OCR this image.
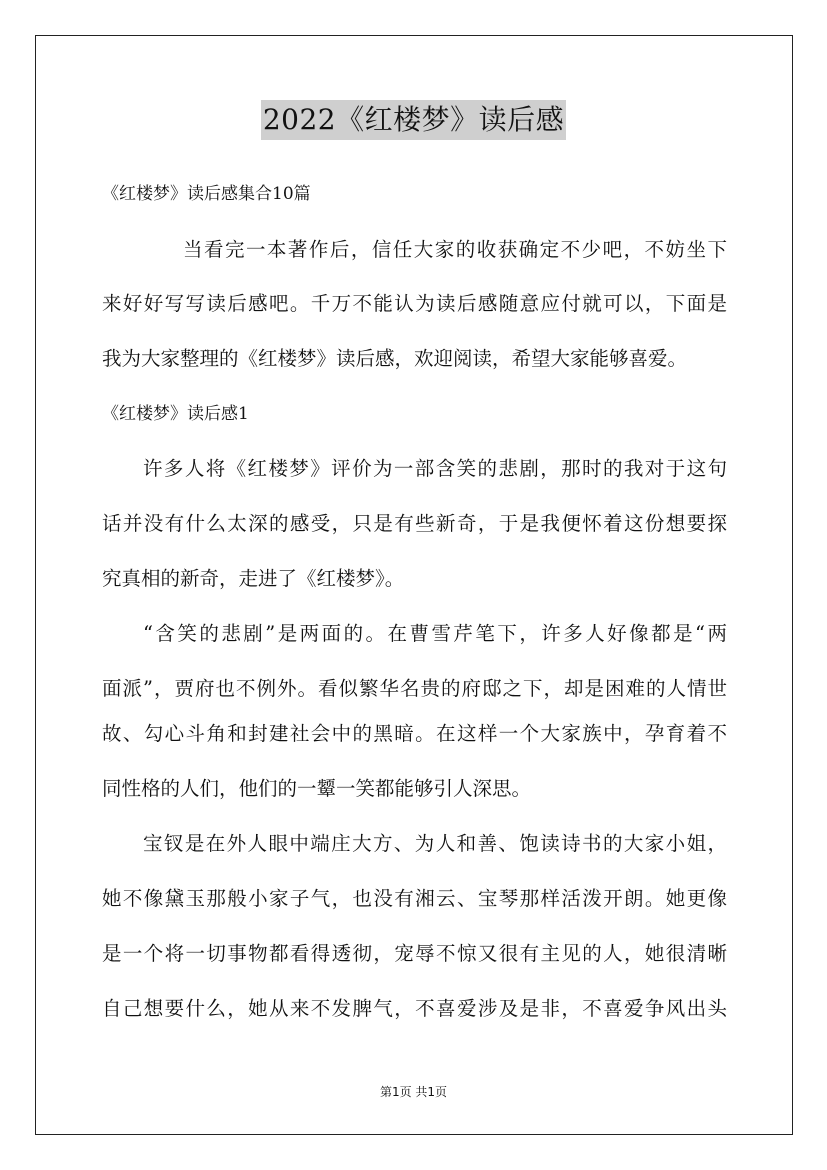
2022《红楼梦》读后感
《红楼梦》读后感集合10篇
当看完一本著作后，信任大家的收获确定不少吧，不妨坐下
来好好写写读后感吧。千万不能认为读后感随意应付就可以，下面是
我为大家整理的《红楼梦》读后感，欢迎阅读，希望大家能够喜爱。
《红楼梦》读后感1
许多人将《红楼梦》评价为一部含笑的悲剧，那时的我对于这句
话并没有什么太深的感受，只是有些新奇，于是我便怀着这份想要探
究真相的新奇，走进了《红楼梦》。
“含笑的悲剧”是两面的。在曹雪芹笔下，许多人好像都是“两
面派”，贾府也不例外。看似繁华名贵的府邸之下，却是困难的人情世
故、勾心斗角和封建社会中的黑暗。在这样一个大家族中，孕育着不
同性格的人们，他们的一颦一笑都能够引人深思。
宝钗是在外人眼中端庄大方、为人和善、饱读诗书的大家小姐，
她不像黛玉那般小家子气，也没有湘云、宝琴那样活泼开朗。她更像
是一个将一切事物都看得透彻，宠辱不惊又很有主见的人，她很清晰
自己想要什么，她从来不发脾气，不喜爱涉及是非，不喜爱争风出头
第1页 共1页
